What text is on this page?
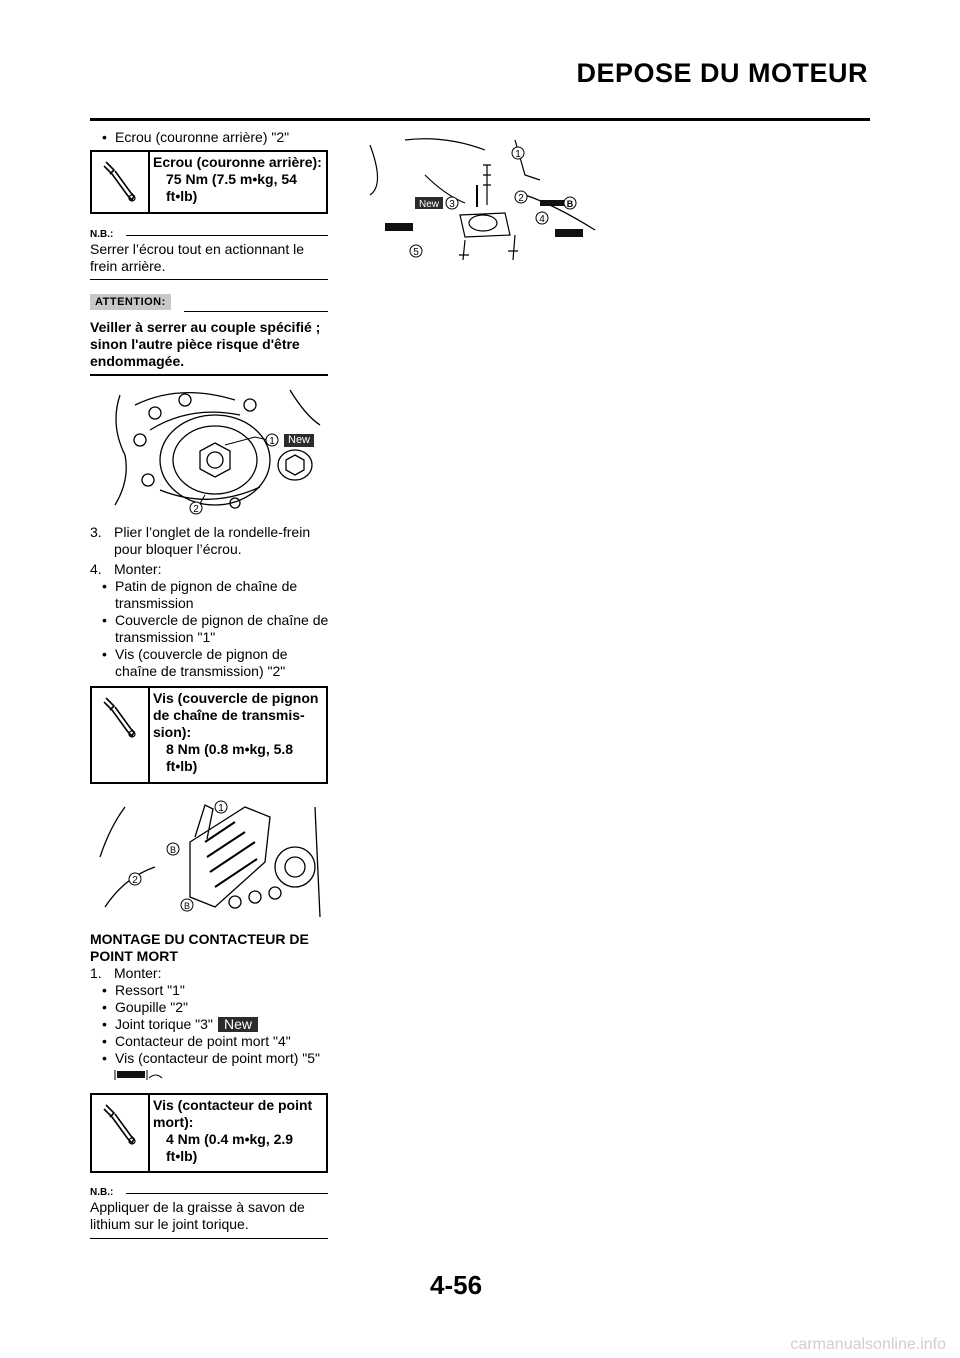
DEPOSE DU MOTEUR
• Ecrou (couronne arrière) "2"
Ecrou (couronne arrière):
75 Nm (7.5 m•kg, 54 ft•lb)
N.B.:
Serrer l’écrou tout en actionnant le frein arrière.
ATTENTION:
Veiller à serrer au couple spécifié ; sinon l'autre pièce risque d'être endommagée.
1
2
New
3. Plier l’onglet de la rondelle-frein pour bloquer l’écrou.
4. Monter:
• Patin de pignon de chaîne de transmission
• Couvercle de pignon de chaîne de transmission "1"
• Vis (couvercle de pignon de chaîne de transmission) "2"
Vis (couvercle de pignon de chaîne de transmis- sion):
8 Nm (0.8 m•kg, 5.8 ft•lb)
B
B
1
2
MONTAGE DU CONTACTEUR DE POINT MORT
1. Monter:
• Ressort "1"
• Goupille "2"
• Joint torique "3" New
• Contacteur de point mort "4"
• Vis (contacteur de point mort) "5"
Vis (contacteur de point mort):
4 Nm (0.4 m•kg, 2.9 ft•lb)
N.B.:
Appliquer de la graisse à savon de lithium sur le joint torique.
B
New
1
2
3
4
5
4-56
carmanualsonline.info
